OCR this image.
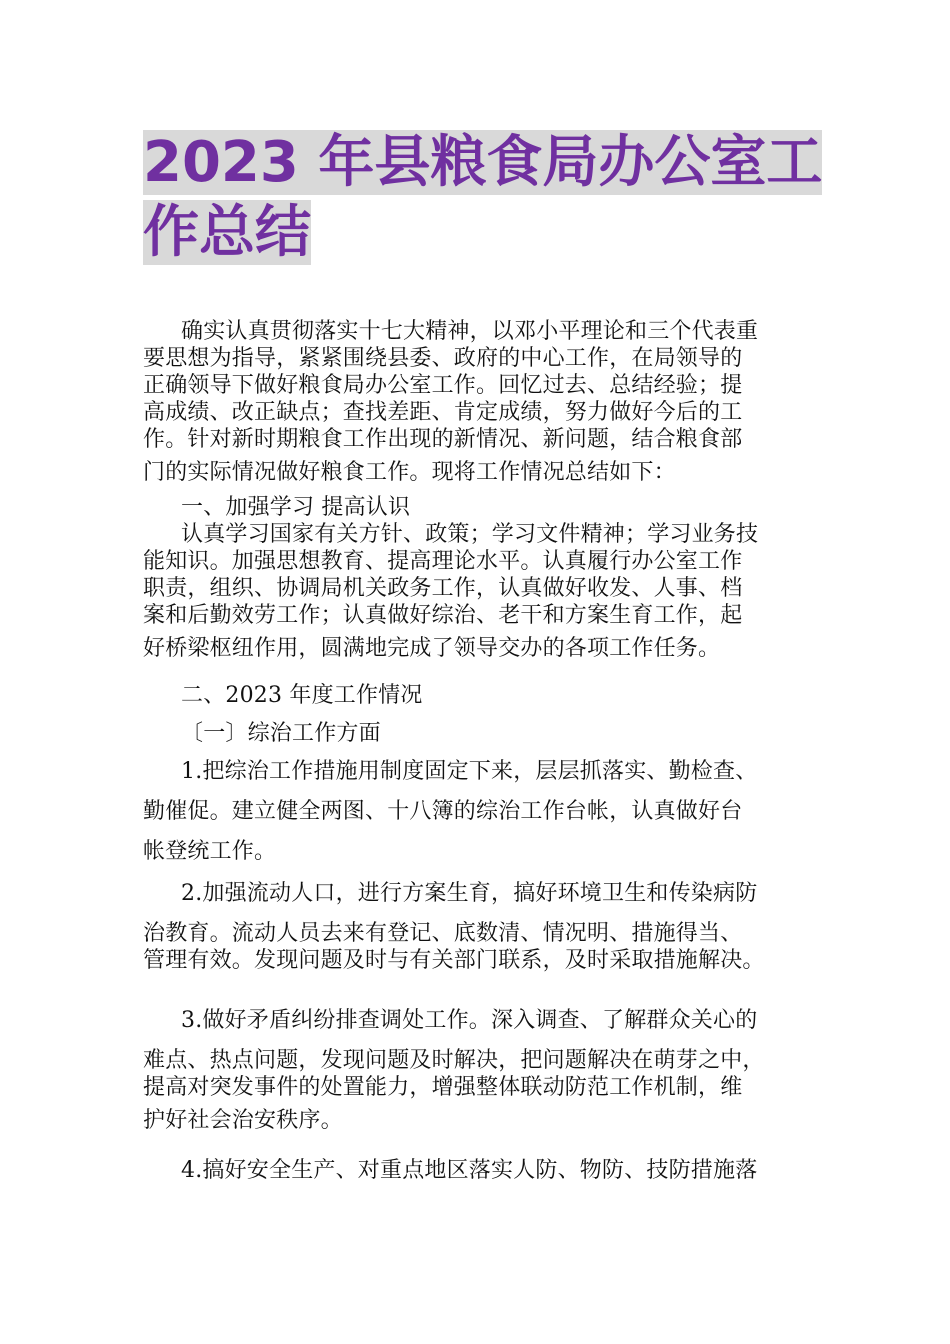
2023 年县粮食局办公室工
作总结
确实认真贯彻落实十七大精神，以邓小平理论和三个代表重
要思想为指导，紧紧围绕县委、政府的中心工作，在局领导的
正确领导下做好粮食局办公室工作。回忆过去、总结经验；提
高成绩、改正缺点；查找差距、肯定成绩，努力做好今后的工
作。针对新时期粮食工作出现的新情况、新问题，结合粮食部
门的实际情况做好粮食工作。现将工作情况总结如下：
一、加强学习 提高认识
认真学习国家有关方针、政策；学习文件精神；学习业务技
能知识。加强思想教育、提高理论水平。认真履行办公室工作
职责，组织、协调局机关政务工作，认真做好收发、人事、档
案和后勤效劳工作；认真做好综治、老干和方案生育工作，起
好桥梁枢纽作用，圆满地完成了领导交办的各项工作任务。
二、2023 年度工作情况
〔一〕综治工作方面
1.把综治工作措施用制度固定下来，层层抓落实、勤检查、
勤催促。建立健全两图、十八簿的综治工作台帐，认真做好台
帐登统工作。
2.加强流动人口，进行方案生育，搞好环境卫生和传染病防
治教育。流动人员去来有登记、底数清、情况明、措施得当、
管理有效。发现问题及时与有关部门联系，及时采取措施解决。
3.做好矛盾纠纷排查调处工作。深入调查、了解群众关心的
难点、热点问题，发现问题及时解决，把问题解决在萌芽之中，
提高对突发事件的处置能力，增强整体联动防范工作机制，维
护好社会治安秩序。
4.搞好安全生产、对重点地区落实人防、物防、技防措施落
